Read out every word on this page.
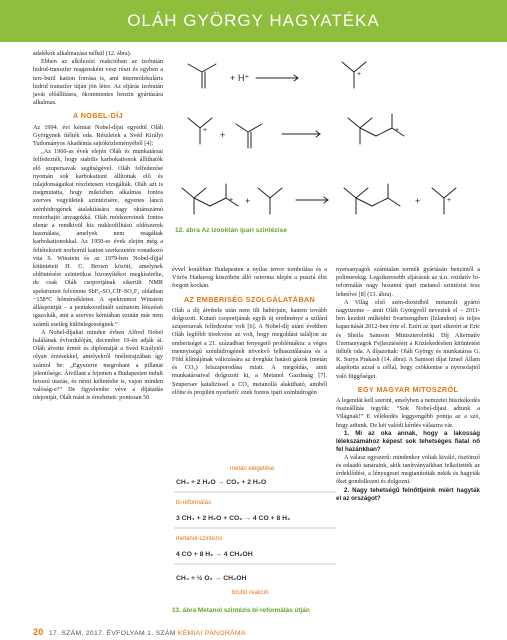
OLÁH GYÖRGY HAGYATÉKA

adalékok alkalmazása nélkül (12. ábra).

Ebben az alkilezési reakcióban az izobután hidrid-transzfer reagensként vesz részt és egyben a terc-butil kation forrása is, ami intermolekuláris hidrid transzfer útján jön létre. Az eljárás izobután javát előállításra, ökommentes benzin gyártására alkalmas.

A NOBEL-DÍJ

Az 1994. évi kémiai Nobel-díjat egyedül Oláh Györgynek ítélték oda. Részletek a Svéd Királyi Tudományos Akadémia sajtóközleményéből [4]:

„Az 1960-as évek elején Oláh és munkatársai felfedezték, hogy stabilis karbokationok állíthatók elő szupersavak segítségével. Oláh felfedezése nyomán sok karbokationt állítottak elő és tulajdonságaikat részletesen vizsgálták. Oláh azt is megmutatta, hogy miközben alkalmas fontos szerves vegyületek szintézisére, egyenes láncú szénhidrogének átalakítására nagy oktánszámú motorhajtó anyagokká. Oláh módszereinek fontos eleme a rendkívül kis nukleofilitású oldószerek használata, amelyek nem reagáltak karbokationokkal. Az 1950-es évek elején még a feltételezett norbornil kation szerkezetére vonatkozó vita S. Winstein és az 1979-ben Nobel-díjjal kitüntetett H. C. Brown között, amelynek eldöntésére szintetikus bizonyítékot megkísérelte, de csak Oláh csoportjának sikerült NMR spektrumot felvennie SbF₅-SO₂ClF-SO₂F₂ oldatban −158°C hőmérsékleten. A spektrumot Winstein álláspontját – a pentakoordinált szénatom létezését igazolták, ami a szerves kémiában ezután már nem számít esetleg különlegességnek.”

A Nobel-díjakat minden évben Alfred Nobel halálának évfordulóján, december 10-én adják át. Oláh átvette érmét és diplomáját a Svéd Királytól olyan érzésekkel, amelyekről önéletrajzában így számol be: „Egyszerre megrohant a pillanat jelentősége. Átvillant a fejemen a Budapesten indult hosszú utazás, és némi keltetésbe is, vajon minden valóság-e?” De figyelembe véve a díjátadás idejontját, Oláh mást is érezhetett: pontosan 50

+ H⁺	+
+
+	+
+ +	+	+
12. ábra Az izooktán ipari szintézise

évvel korábban Budapesten a nyilas terror tombolása és a Vörös Hadsereg küszöbön álló ostroma idején a pusztá élet forgott kockán.

AZ EMBERISÉG SZOLGÁLATÁBAN

Oláh a díj átvétele után nem ült babérjain, hanem tovább dolgozott. Kutató csoportjának egyik új eredménye a szilárd szupersavak felfedezése volt [6]. A Nobel-díj utáni években Oláh legfőbb törekvése az volt, hogy megoldást találjon az emberiséget a 21. században fenyegető problémákra: a véges mennyiségű szénhidrogének növekvő felhasználására és a Föld klímájának változására az üvegház hatású gázok (metán és CO₂) felszaporodása miatt. A megoldás, amit munkatársaival dolgozott ki, a Metanol Gazdaság [7]. Szupersav katalízissel a CO₂ metanollá alakítható, amiből előtte és propilén nyerhető: ezek fontos ipari szénhidrogén

metán elégetése
CH₄ + 2 H₂O → CO₂ + 2 H₂O
bi-reformálás
3 CH₄ + 2 H₂O + CO₂ → 4 CO + 8 H₂
metanol-szintézis
4 CO + 8 H₂ → 4 CH₃OH
CH₄ + ½ O₂ → CH₃OH
bruttó reakció
13. ábra Metanol szintézis bi-reformálás útján

nyersanyagok számtalan termék gyártásán benzintől a polimerekig. Legsikeresebb eljárásuk az ú.n. oxidatív bi-reformálás nagy hozamú ipari metanol szintézist tesz lehetővé [8] (13. ábra).

A Világ első szén-dioxidból metanolt gyártó nagyüzeme – amit Oláh Györgyről neveztek el – 2011-ben kezdett működni Svartsengiben (Izlandon) és teljes kapacitását 2012-ben érte el. Ezért az ipari sikerért ar Eric és Sheila Samson Miniszterelnöki Díj Alternatív Üzemanyagok Fejlesztéséért a Közlekedésben kitüntetést ítélték oda. A díjazottak: Oláh György és munkatársa G. K. Surya Prakash (14. ábra). A Samson díjat Izrael Állam alapította azzal a céllal, hogy csökkentse a nyersolajtól való függőséget.

EGY MAGYAR MITOSZRÓL

A legendát kell szerint, amelyben a nemzetei büszkékedés összeállítás tegyük: “Sok Nobel-díjast adtunk a Világnak!” E vélekedés leggyengébb pontja az a szó, hogy adtunk. De két valódi kérdés válaszra vár.

1. Mi az oka annak, hogy a lakosság lélekszámához képest sok tehetséges fiatal nő fel hazánkban?

A válasz egyszerű: mindenkor voltak kiváló, ösztönző és odaadó tanáraink, akik tanítványaikban felkeltették az érdeklődést, a lényegeset megtanították nekik és hagyták őket gondolkozni és dolgozni.

2. Nagy tehetségű felnőttjeink miért hagyták el az országot?

20 17. SZÁM, 2017. ÉVFOLYAM 1. SZÁM KÉMIAI PANORÁMA
